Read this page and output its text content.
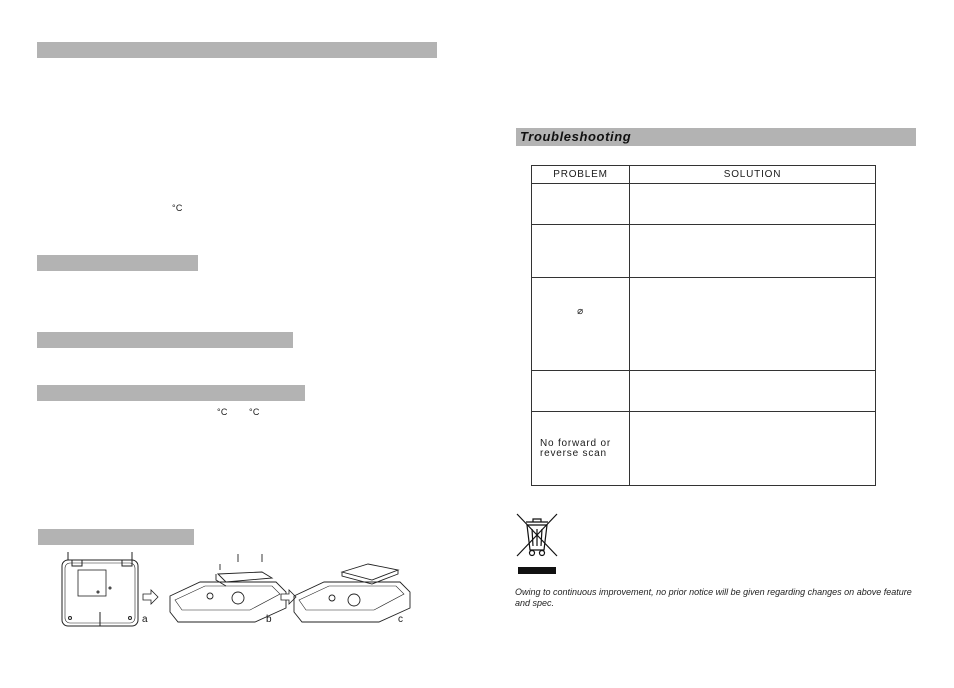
°C
°C °C
a	b	c
Troubleshooting
PROBLEM	SOLUTION

⌀	

No forward or reverse scan	
Owing to continuous improvement, no prior notice will be given regarding changes on above feature and spec.
